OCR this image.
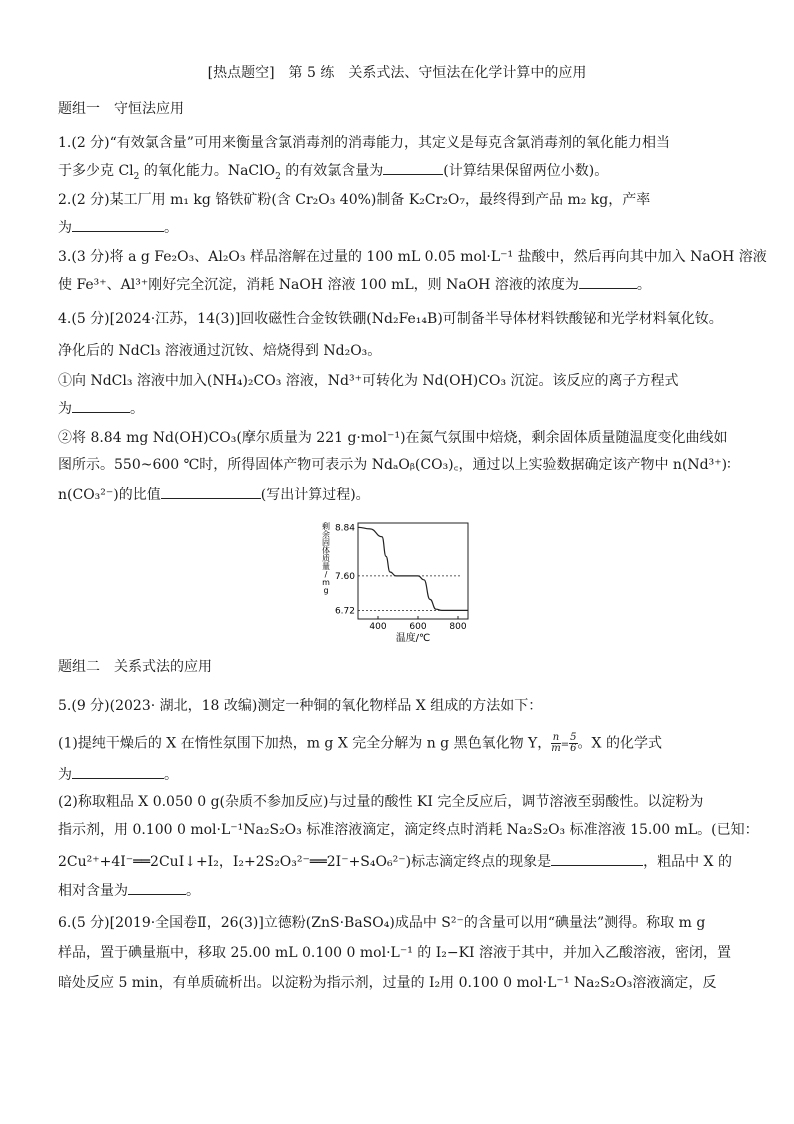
[热点题空]　第 5 练　关系式法、守恒法在化学计算中的应用
题组一　守恒法应用
1.(2 分)“有效氯含量”可用来衡量含氯消毒剂的消毒能力，其定义是每克含氯消毒剂的氧化能力相当
于多少克 $Cl_2$ 的氧化能力。NaClO$_2$ 的有效氯含量为	(计算结果保留两位小数)。
2.(2 分)某工厂用 m₁ kg 铬铁矿粉(含 Cr₂O₃ 40%)制备 K₂Cr₂O₇，最终得到产品 m₂ kg，产率
为	。
3.(3 分)将 a g Fe₂O₃、Al₂O₃ 样品溶解在过量的 100 mL 0.05 mol·L⁻¹ 盐酸中，然后再向其中加入 NaOH 溶液
使 Fe³⁺、Al³⁺刚好完全沉淀，消耗 NaOH 溶液 100 mL，则 NaOH 溶液的浓度为	。
4.(5 分)[2024·江苏，14(3)]回收磁性合金钕铁硼(Nd₂Fe₁₄B)可制备半导体材料铁酸铋和光学材料氧化钕。
净化后的 NdCl₃ 溶液通过沉钕、焙烧得到 Nd₂O₃。
①向 NdCl₃ 溶液中加入(NH₄)₂CO₃ 溶液，Nd³⁺可转化为 Nd(OH)CO₃ 沉淀。该反应的离子方程式
为	。
②将 8.84 mg Nd(OH)CO₃(摩尔质量为 221 g·mol⁻¹)在氮气氛围中焙烧，剩余固体质量随温度变化曲线如
图所示。550~600 ℃时，所得固体产物可表示为 NdₐOᵦ(CO₃)꜀，通过以上实验数据确定该产物中 n(Nd³⁺)∶
n(CO₃²⁻)的比值	(写出计算过程)。
剩
余
固
体
质
量
/
m
g
8.84
7.60
6.72
400	600	800
温度/℃
题组二　关系式法的应用
5.(9 分)(2023· 湖北，18 改编)测定一种铜的氧化物样品 X 组成的方法如下：
(1)提纯干燥后的 X 在惰性氛围下加热，m g X 完全分解为 n g 黑色氧化物 Y， $\frac{n}{m} = \frac{5}{6}$ 。X 的化学式
为	。
(2)称取粗品 X 0.050 0 g(杂质不参加反应)与过量的酸性 KI 完全反应后，调节溶液至弱酸性。以淀粉为
指示剂，用 0.100 0 mol·L⁻¹Na₂S₂O₃ 标准溶液滴定，滴定终点时消耗 Na₂S₂O₃ 标准溶液 15.00 mL。(已知：
2Cu²⁺+4I⁻══2CuI↓+I₂，I₂+2S₂O₃²⁻══2I⁻+S₄O₆²⁻)标志滴定终点的现象是	，粗品中 X 的
相对含量为	。
6.(5 分)[2019·全国卷Ⅱ，26(3)]立德粉(ZnS·BaSO₄)成品中 S²⁻的含量可以用“碘量法”测得。称取 m g
样品，置于碘量瓶中，移取 25.00 mL 0.100 0 mol·L⁻¹ 的 I₂−KI 溶液于其中，并加入乙酸溶液，密闭，置
暗处反应 5 min，有单质硫析出。以淀粉为指示剂，过量的 I₂用 0.100 0 mol·L⁻¹ Na₂S₂O₃溶液滴定，反
